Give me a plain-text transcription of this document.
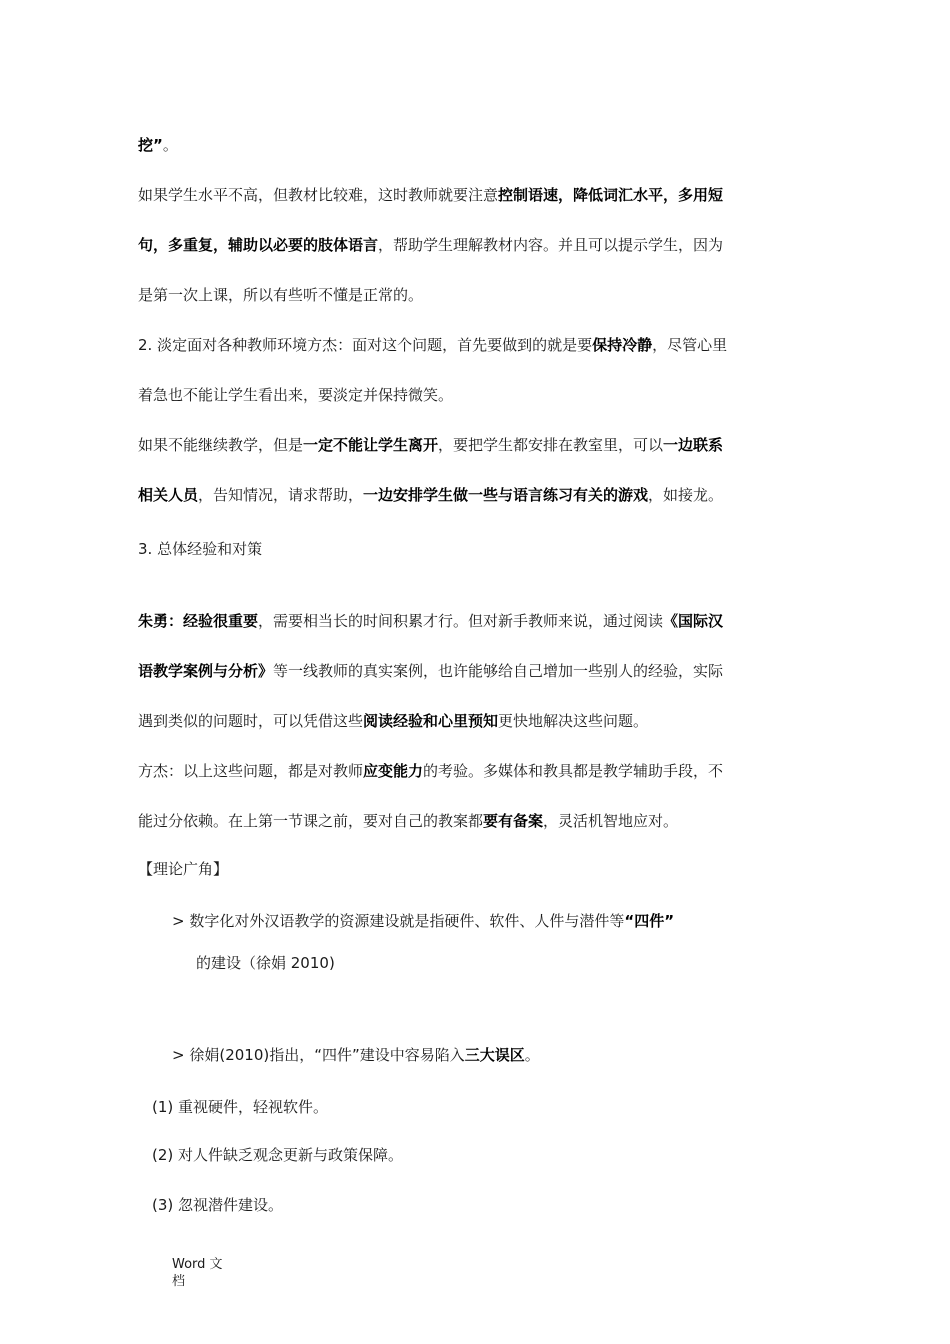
挖”。
如果学生水平不高，但教材比较难，这时教师就要注意控制语速，降低词汇水平，多用短
句，多重复，辅助以必要的肢体语言，帮助学生理解教材内容。并且可以提示学生，因为
是第一次上课，所以有些听不懂是正常的。
2. 淡定面对各种教师环境方杰：面对这个问题，首先要做到的就是要保持冷静，尽管心里
着急也不能让学生看出来，要淡定并保持微笑。
如果不能继续教学，但是一定不能让学生离开，要把学生都安排在教室里，可以一边联系
相关人员，告知情况，请求帮助，一边安排学生做一些与语言练习有关的游戏，如接龙。
3. 总体经验和对策
朱勇：经验很重要，需要相当长的时间积累才行。但对新手教师来说，通过阅读《国际汉
语教学案例与分析》等一线教师的真实案例，也许能够给自己增加一些别人的经验，实际
遇到类似的问题时，可以凭借这些阅读经验和心里预知更快地解决这些问题。
方杰：以上这些问题，都是对教师应变能力的考验。多媒体和教具都是教学辅助手段，不
能过分依赖。在上第一节课之前，要对自己的教案都要有备案，灵活机智地应对。
【理论广角】
> 数字化对外汉语教学的资源建设就是指硬件、软件、人件与潜件等“四件”
的建设（徐娟 2010)
> 徐娟(2010)指出，“四件”建设中容易陷入三大误区。
(1) 重视硬件，轻视软件。
(2) 对人件缺乏观念更新与政策保障。
(3) 忽视潜件建设。
Word 文
档
